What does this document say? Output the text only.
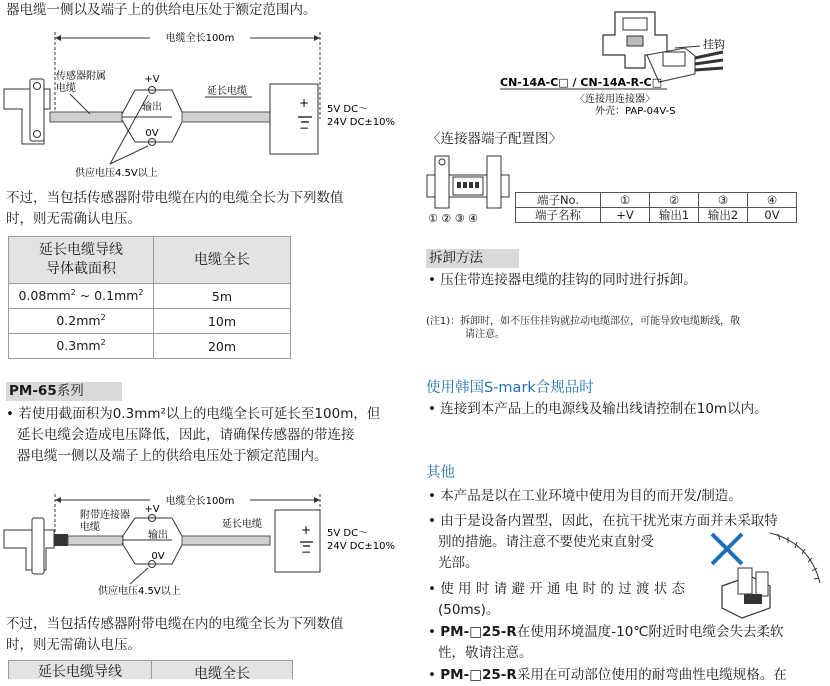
器电缆一侧以及端子上的供给电压处于额定范围内。
电缆全长100m
传感器附属
电缆
+V
输出
0V
延长电缆
供应电压4.5V以上
+
−
5V DC～
24V DC±10%
不过，当包括传感器附带电缆在内的电缆全长为下列数值
时，则无需确认电压。
延长电缆导线
导体截面积	电缆全长
$0.08mm^2$ ~ $0.1mm^2$	5m
$0.2mm^2$	10m
$0.3mm^2$	20m
PM-65系列
• 若使用截面积为0.3mm²以上的电缆全长可延长至100m，但
延长电缆会造成电压降低，因此，请确保传感器的带连接
器电缆一侧以及端子上的供给电压处于额定范围内。
电缆全长100m
附带连接器
电缆
+V
输出
0V
延长电缆
供应电压4.5V以上
+
−
5V DC～
24V DC±10%
不过，当包括传感器附带电缆在内的电缆全长为下列数值
时，则无需确认电压。
延长电缆导线	电缆全长
挂钩
CN-14A-C□ / CN-14A-R-C□
〈连接用连接器〉
外壳：PAP-04V-S
〈连接器端子配置图〉
① ② ③ ④
端子No.	①	②	③	④
端子名称	+V	输出1	输出2	0V
拆卸方法
• 压住带连接器电缆的挂钩的同时进行拆卸。
(注1)：拆卸时，如不压住挂钩就拉动电缆部位，可能导致电缆断线，敬
请注意。
使用韩国S-mark合规品时
• 连接到本产品上的电源线及输出线请控制在10m以内。
其他
• 本产品是以在工业环境中使用为目的而开发/制造。
• 由于是设备内置型，因此，在抗干扰光束方面并未采取特
别的措施。请注意不要使光束直射受
光部。
• 使 用 时 请 避 开 通 电 时 的 过 渡 状 态
(50ms)。
• PM-□25-R在使用环境温度-10℃附近时电缆会失去柔软
性，敬请注意。
• PM-□25-R采用在可动部位使用的耐弯曲性电缆规格。在
